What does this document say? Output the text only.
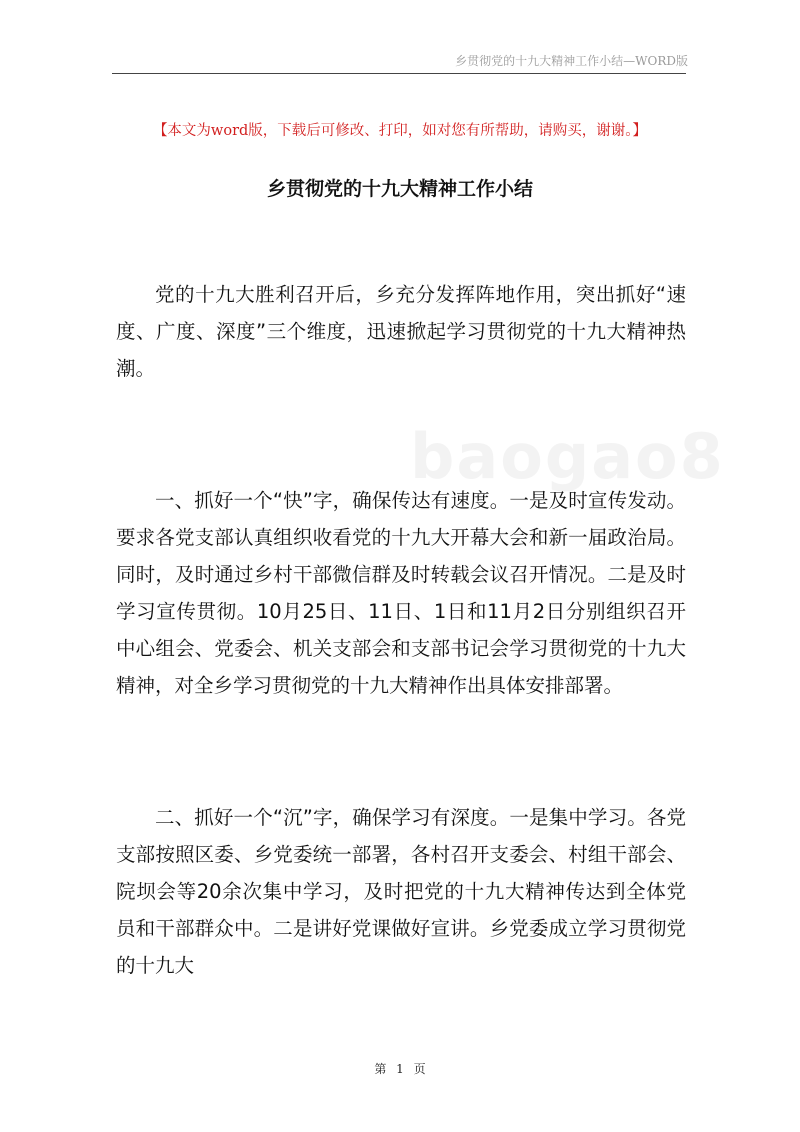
乡贯彻党的十九大精神工作小结—WORD版
baogao8
【本文为word版，下载后可修改、打印，如对您有所帮助，请购买，谢谢。】
乡贯彻党的十九大精神工作小结

党的十九大胜利召开后，乡充分发挥阵地作用，突出抓好“速度、广度、深度”三个维度，迅速掀起学习贯彻党的十九大精神热潮。

一、抓好一个“快”字，确保传达有速度。一是及时宣传发动。要求各党支部认真组织收看党的十九大开幕大会和新一届政治局。同时，及时通过乡村干部微信群及时转载会议召开情况。二是及时学习宣传贯彻。10月25日、11日、1日和11月2日分别组织召开中心组会、党委会、机关支部会和支部书记会学习贯彻党的十九大精神，对全乡学习贯彻党的十九大精神作出具体安排部署。

二、抓好一个“沉”字，确保学习有深度。一是集中学习。各党支部按照区委、乡党委统一部署，各村召开支委会、村组干部会、院坝会等20余次集中学习，及时把党的十九大精神传达到全体党员和干部群众中。二是讲好党课做好宣讲。乡党委成立学习贯彻党的十九大

第 1 页
